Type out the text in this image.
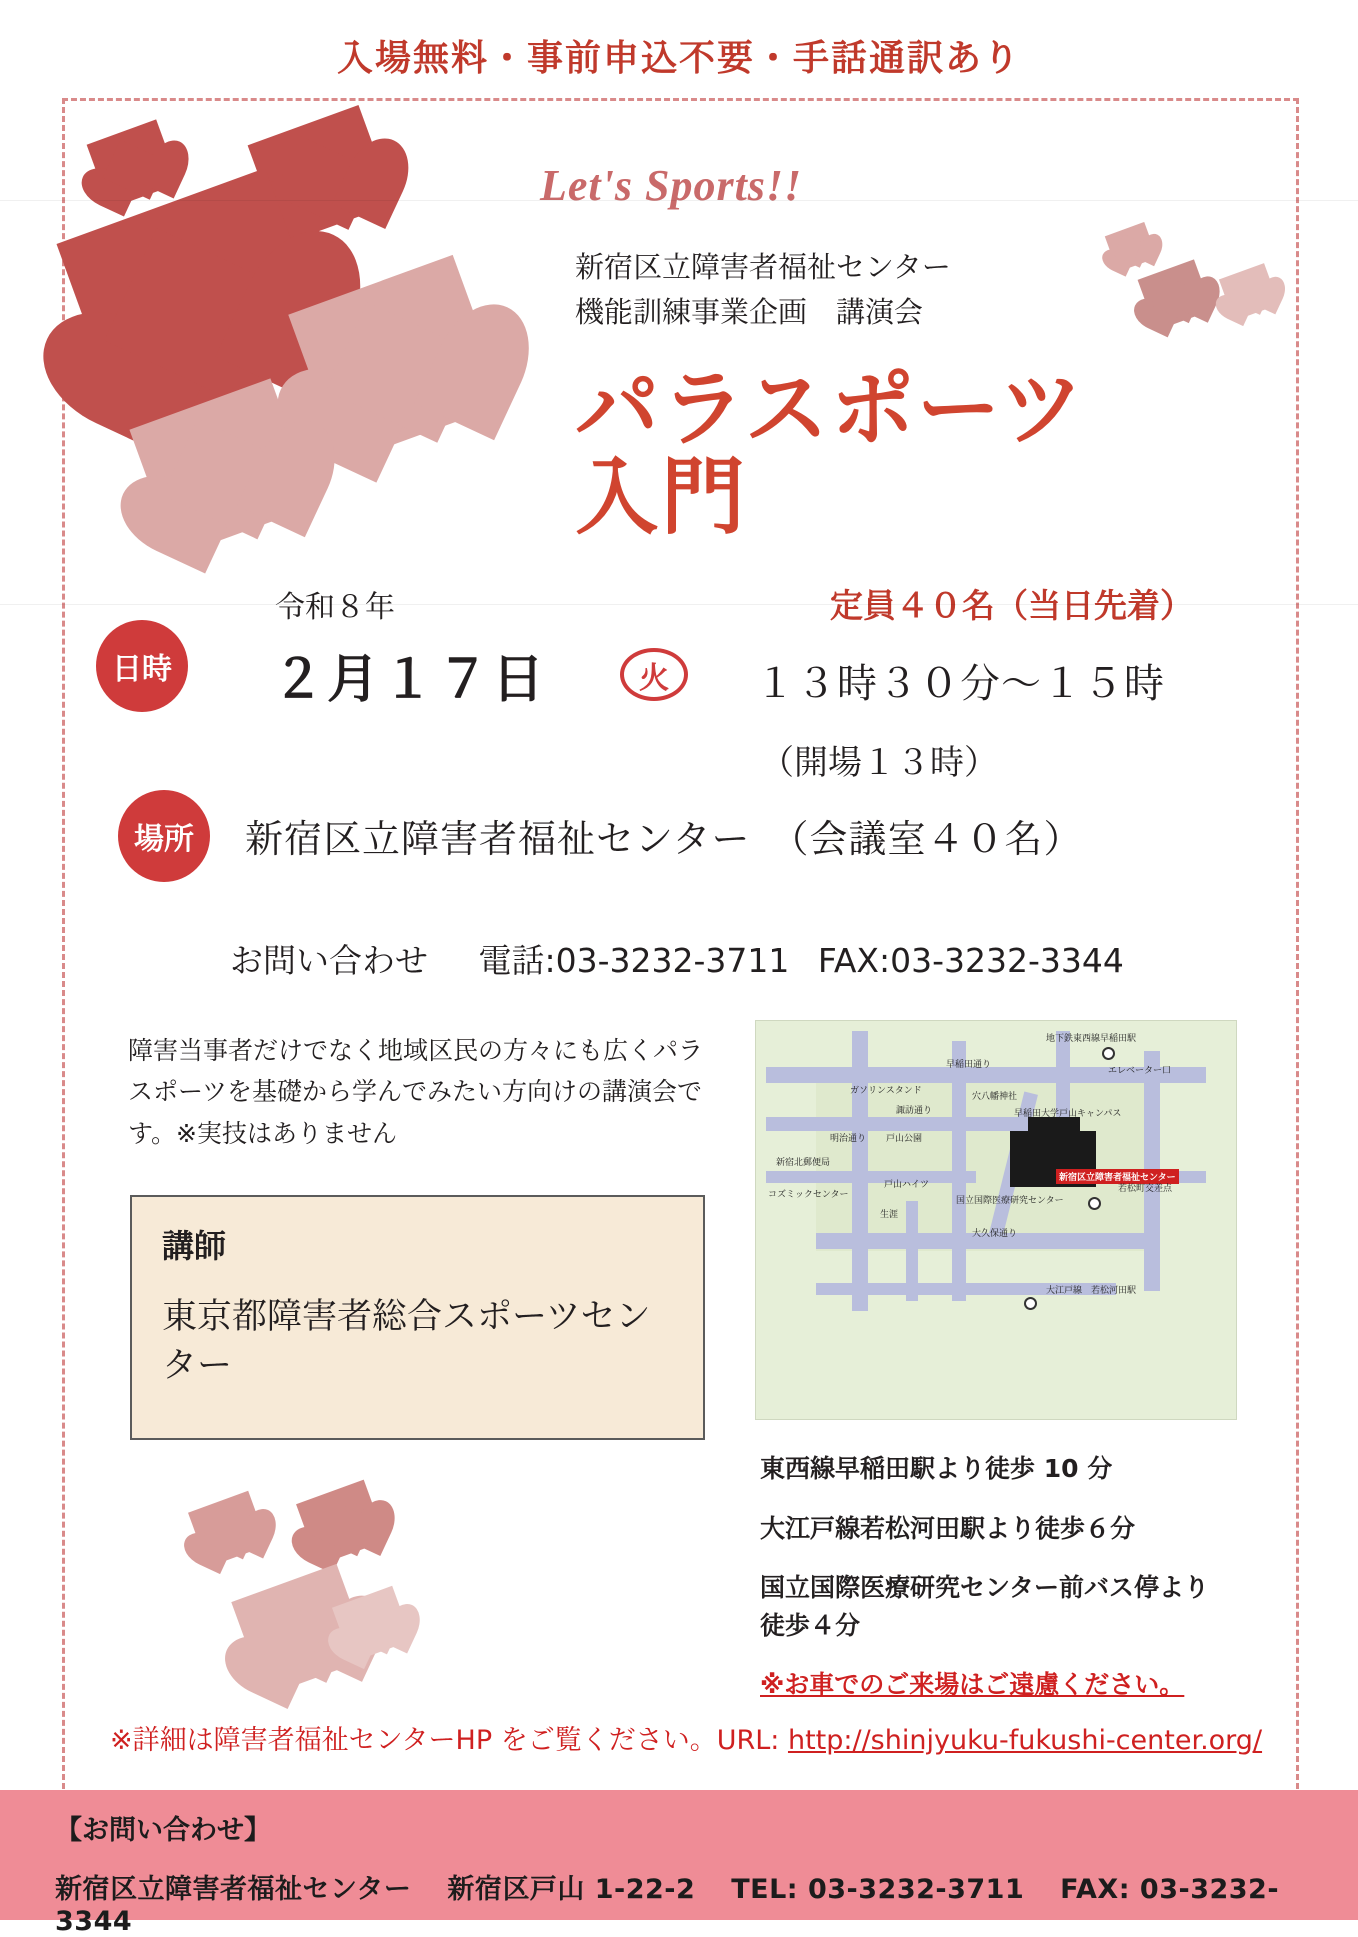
入場無料・事前申込不要・手話通訳あり
Let's Sports!!
新宿区立障害者福祉センター
機能訓練事業企画　講演会
パラスポーツ
入門
定員４０名（当日先着）
日時
令和８年
２月１７日	火	１３時３０分～１５時
（開場１３時）
場所	新宿区立障害者福祉センター　（会議室４０名）
お問い合わせ 電話:03-3232-3711 FAX:03-3232-3344
障害当事者だけでなく地域区民の方々にも広くパラスポーツを基礎から学んでみたい方向けの講演会です。※実技はありません
講師
東京都障害者総合スポーツセンター
新宿区立障害者福祉センター
地下鉄東西線早稲田駅
エレベーター口
早稲田通り
ガソリンスタンド
穴八幡神社
諏訪通り	早稲田大学戸山キャンパス
戸山公園
明治通り
新宿北郵便局
コズミックセンター
国立国際医療研究センター
戸山ハイツ
生涯
若松町交差点
大久保通り
大江戸線　若松河田駅
東西線早稲田駅より徒歩 10 分
大江戸線若松河田駅より徒歩６分
国立国際医療研究センター前バス停より徒歩４分
※お車でのご来場はご遠慮ください。
※詳細は障害者福祉センターHP をご覧ください。URL: http://shinjyuku-fukushi-center.org/
【お問い合わせ】
新宿区立障害者福祉センター 新宿区戸山 1-22-2 TEL: 03-3232-3711 FAX: 03-3232-3344
